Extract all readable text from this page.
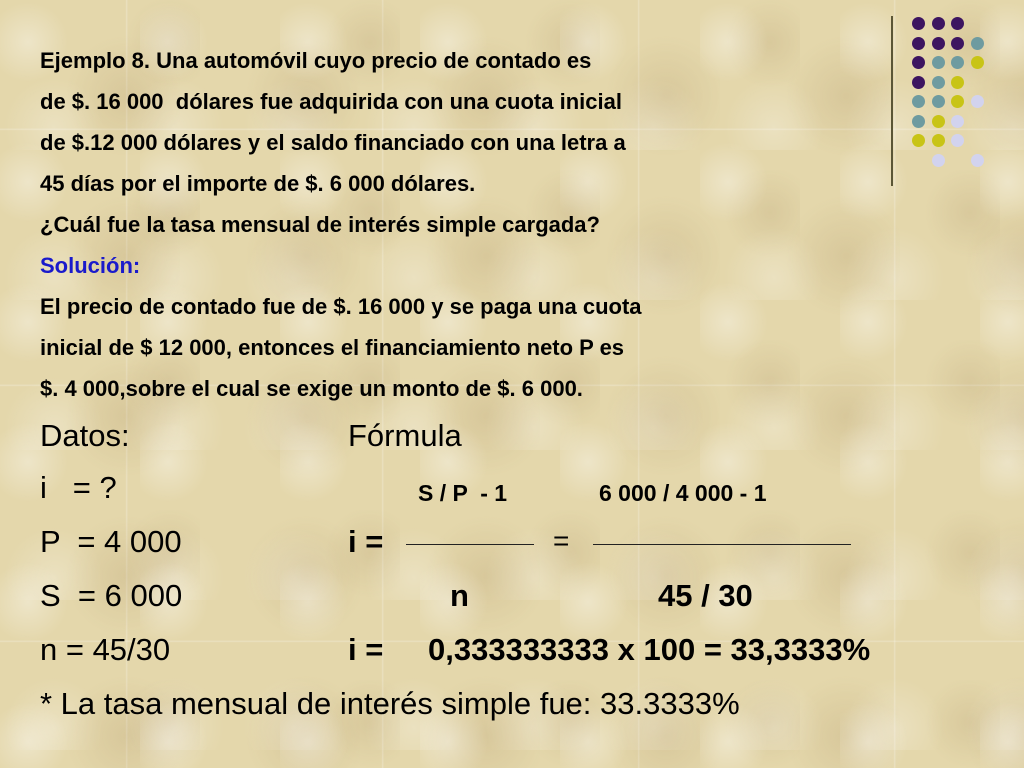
Ejemplo 8. Una automóvil cuyo precio de contado es
de $. 16 000  dólares fue adquirida con una cuota inicial
de $.12 000 dólares y el saldo financiado con una letra a
45 días por el importe de $. 6 000 dólares.
¿Cuál fue la tasa mensual de interés simple cargada?
Solución:
El precio de contado fue de $. 16 000 y se paga una cuota
inicial de $ 12 000, entonces el financiamiento neto P es
$. 4 000,sobre el cual se exige un monto de $. 6 000.
Datos:
i   = ?
P  = 4 000
S  = 6 000
n = 45/30
Fórmula
S / P  - 1	6 000 / 4 000 - 1
i =	=
n	45 / 30
i = 0,333333333 x 100 = 33,3333%
* La tasa mensual de interés simple fue: 33.3333%
